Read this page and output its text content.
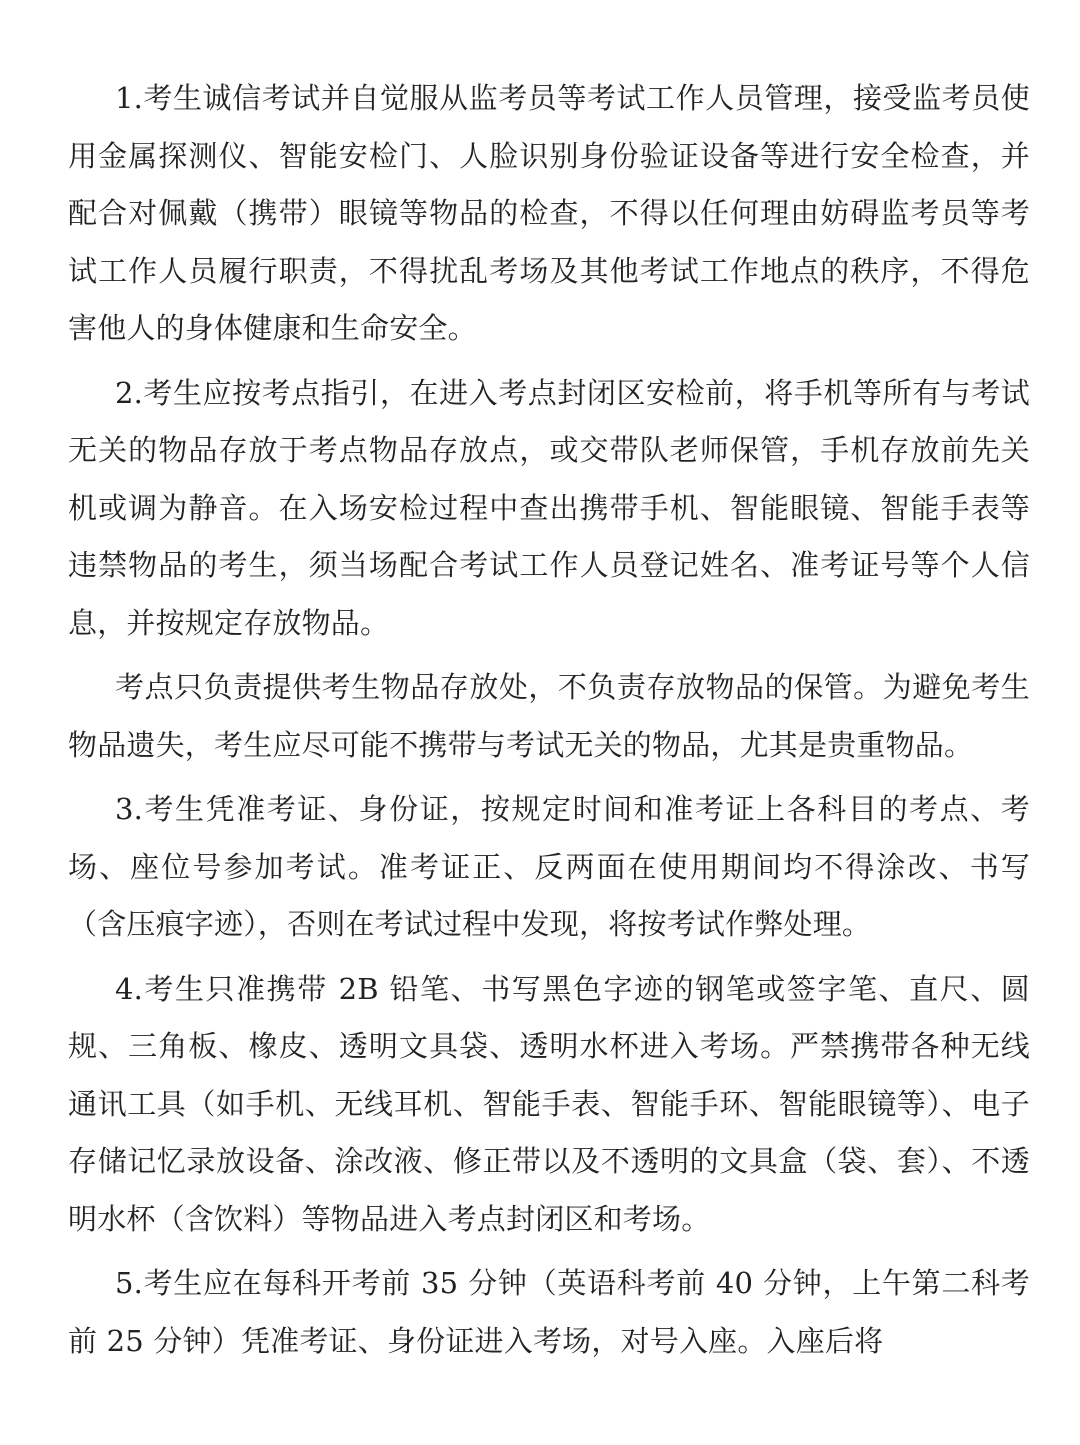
1.考生诚信考试并自觉服从监考员等考试工作人员管理，接受监考员使用金属探测仪、智能安检门、人脸识别身份验证设备等进行安全检查，并配合对佩戴（携带）眼镜等物品的检查，不得以任何理由妨碍监考员等考试工作人员履行职责，不得扰乱考场及其他考试工作地点的秩序，不得危害他人的身体健康和生命安全。

2.考生应按考点指引，在进入考点封闭区安检前，将手机等所有与考试无关的物品存放于考点物品存放点，或交带队老师保管，手机存放前先关机或调为静音。在入场安检过程中查出携带手机、智能眼镜、智能手表等违禁物品的考生，须当场配合考试工作人员登记姓名、准考证号等个人信息，并按规定存放物品。

考点只负责提供考生物品存放处，不负责存放物品的保管。为避免考生物品遗失，考生应尽可能不携带与考试无关的物品，尤其是贵重物品。

3.考生凭准考证、身份证，按规定时间和准考证上各科目的考点、考场、座位号参加考试。准考证正、反两面在使用期间均不得涂改、书写（含压痕字迹），否则在考试过程中发现，将按考试作弊处理。

4.考生只准携带 2B 铅笔、书写黑色字迹的钢笔或签字笔、直尺、圆规、三角板、橡皮、透明文具袋、透明水杯进入考场。严禁携带各种无线通讯工具（如手机、无线耳机、智能手表、智能手环、智能眼镜等）、电子存储记忆录放设备、涂改液、修正带以及不透明的文具盒（袋、套）、不透明水杯（含饮料）等物品进入考点封闭区和考场。

5.考生应在每科开考前 35 分钟（英语科考前 40 分钟，上午第二科考前 25 分钟）凭准考证、身份证进入考场，对号入座。入座后将
